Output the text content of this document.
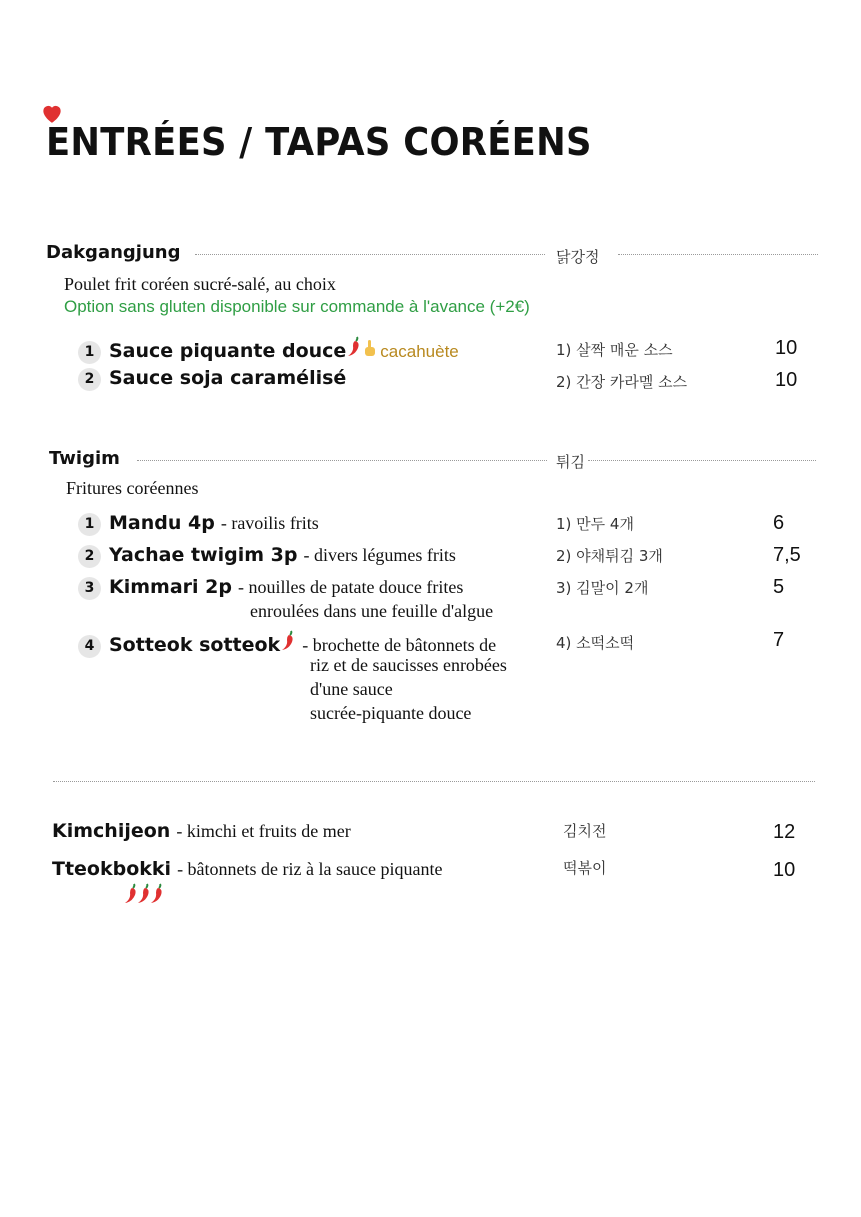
ENTRÉES / TAPAS CORÉENS
Dakgangjung	닭강정
Poulet frit coréen sucré-salé, au choix
Option sans gluten disponible sur commande à l'avance (+2€)
1 Sauce piquante douce cacahuète	1) 살짝 매운 소스	10
2 Sauce soja caramélisé	2) 간장 카라멜 소스	10
Twigim	튀김
Fritures coréennes
1 Mandu 4p - ravoilis frits	1) 만두 4개	6
2 Yachae twigim 3p - divers légumes frits	2) 야채튀김 3개	7,5
3 Kimmari 2p - nouilles de patate douce frites
enroulées dans une feuille d'algue
3) 김말이 2개	5
4 Sotteok sotteok - brochette de bâtonnets de
riz et de saucisses enrobées
d'une sauce
sucrée-piquante douce
4) 소떡소떡	7
Kimchijeon - kimchi et fruits de mer	김치전	12
Tteokbokki - bâtonnets de riz à la sauce piquante	떡볶이	10
